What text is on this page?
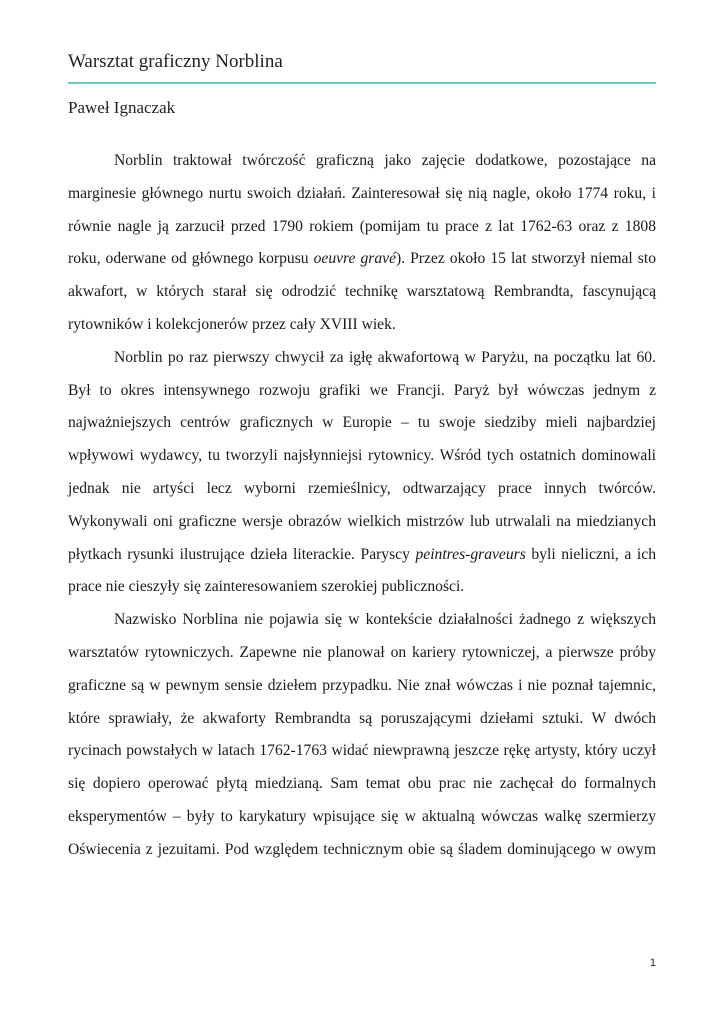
Warsztat graficzny Norblina
Paweł Ignaczak

Norblin traktował twórczość graficzną jako zajęcie dodatkowe, pozostające na marginesie głównego nurtu swoich działań. Zainteresował się nią nagle, około 1774 roku, i równie nagle ją zarzucił przed 1790 rokiem (pomijam tu prace z lat 1762-63 oraz z 1808 roku, oderwane od głównego korpusu oeuvre gravé). Przez około 15 lat stworzył niemal sto akwafort, w których starał się odrodzić technikę warsztatową Rembrandta, fascynującą rytowników i kolekcjonerów przez cały XVIII wiek.

Norblin po raz pierwszy chwycił za igłę akwafortową w Paryżu, na początku lat 60. Był to okres intensywnego rozwoju grafiki we Francji. Paryż był wówczas jednym z najważniejszych centrów graficznych w Europie – tu swoje siedziby mieli najbardziej wpływowi wydawcy, tu tworzyli najsłynniejsi rytownicy. Wśród tych ostatnich dominowali jednak nie artyści lecz wyborni rzemieślnicy, odtwarzający prace innych twórców. Wykonywali oni graficzne wersje obrazów wielkich mistrzów lub utrwalali na miedzianych płytkach rysunki ilustrujące dzieła literackie. Paryscy peintres-graveurs byli nieliczni, a ich prace nie cieszyły się zainteresowaniem szerokiej publiczności.

Nazwisko Norblina nie pojawia się w kontekście działalności żadnego z większych warsztatów rytowniczych. Zapewne nie planował on kariery rytowniczej, a pierwsze próby graficzne są w pewnym sensie dziełem przypadku. Nie znał wówczas i nie poznał tajemnic, które sprawiały, że akwaforty Rembrandta są poruszającymi dziełami sztuki. W dwóch rycinach powstałych w latach 1762-1763 widać niewprawną jeszcze rękę artysty, który uczył się dopiero operować płytą miedzianą. Sam temat obu prac nie zachęcał do formalnych eksperymentów – były to karykatury wpisujące się w aktualną wówczas walkę szermierzy Oświecenia z jezuitami. Pod względem technicznym obie są śladem dominującego w owym

1
